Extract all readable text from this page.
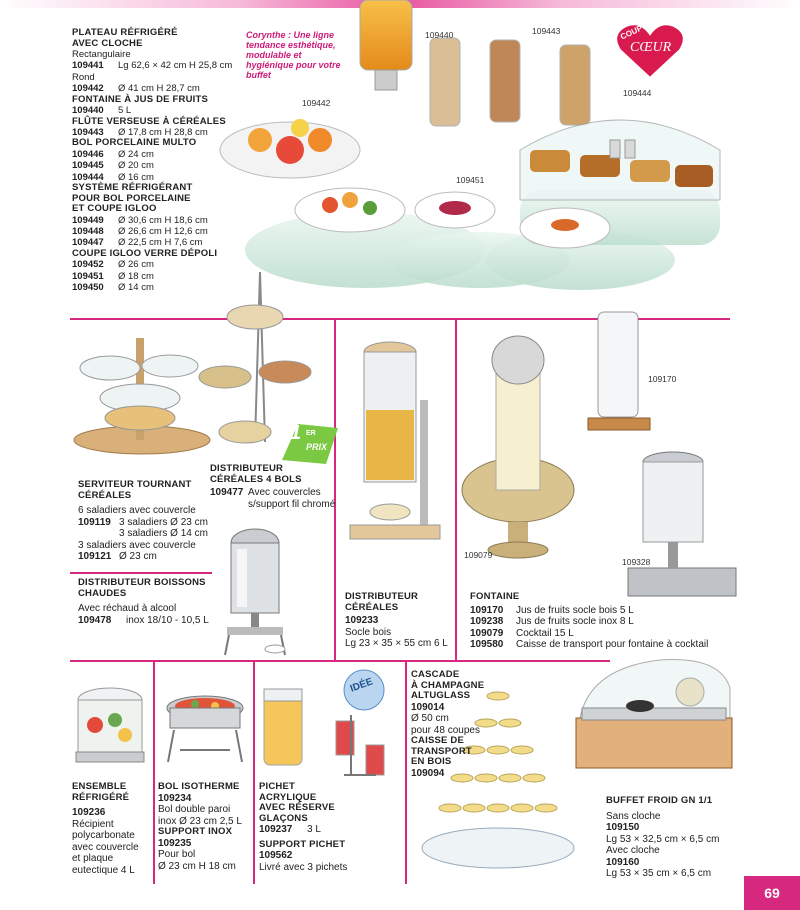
COUP
CŒUR
Corynthe : Une ligne tendance esthétique, modulable et hygiénique pour votre buffet
109440	109443
109442
109444
109451
PLATEAU RÉFRIGÉRÉ
AVEC CLOCHE
Rectangulaire
109441 Lg 62,6 × 42 cm H 25,8 cm
Rond
109442 Ø 41 cm H 28,7 cm
FONTAINE À JUS DE FRUITS
109440 5 L
FLÛTE VERSEUSE À CÉRÉALES
109443 Ø 17,8 cm H 28,8 cm
BOL PORCELAINE MULTO
109446 Ø 24 cm
109445 Ø 20 cm
109444 Ø 16 cm
SYSTÈME RÉFRIGÉRANT
POUR BOL PORCELAINE
ET COUPE IGLOO
109449 Ø 30,6 cm H 18,6 cm
109448 Ø 26,6 cm H 12,6 cm
109447 Ø 22,5 cm H 7,6 cm
COUPE IGLOO VERRE DÉPOLI
109452 Ø 26 cm
109451 Ø 18 cm
109450 Ø 14 cm
1 ER
PRIX
SERVITEUR TOURNANT
CÉRÉALES
6 saladiers avec couvercle
109119 3 saladiers Ø 23 cm
3 saladiers Ø 14 cm
3 saladiers avec couvercle
109121 Ø 23 cm
DISTRIBUTEUR
CÉRÉALES 4 BOLS
109477 Avec couvercles
s/support fil chromé
DISTRIBUTEUR BOISSONS
CHAUDES
Avec réchaud à alcool
109478 inox 18/10 - 10,5 L
DISTRIBUTEUR
CÉRÉALES
109233
Socle bois
Lg 23 × 35 × 55 cm 6 L
109170
109079
109328
FONTAINE
109170 Jus de fruits socle bois 5 L
109238 Jus de fruits socle inox 8 L
109079 Cocktail 15 L
109580 Caisse de transport pour fontaine à cocktail
ENSEMBLE
RÉFRIGÉRÉ
109236
Récipient
polycarbonate
avec couvercle
et plaque
eutectique 4 L
BOL ISOTHERME
109234
Bol double paroi
inox Ø 23 cm 2,5 L
SUPPORT INOX
109235
Pour bol
Ø 23 cm H 18 cm
IDÉE
PICHET
ACRYLIQUE
AVEC RÉSERVE
GLAÇONS
109237 3 L
SUPPORT PICHET
109562
Livré avec 3 pichets
CASCADE
À CHAMPAGNE
ALTUGLASS
109014
Ø 50 cm
pour 48 coupes
CAISSE DE
TRANSPORT
EN BOIS
109094
BUFFET FROID GN 1/1
Sans cloche
109150
Lg 53 × 32,5 cm × 6,5 cm
Avec cloche
109160
Lg 53 × 35 cm × 6,5 cm
69
